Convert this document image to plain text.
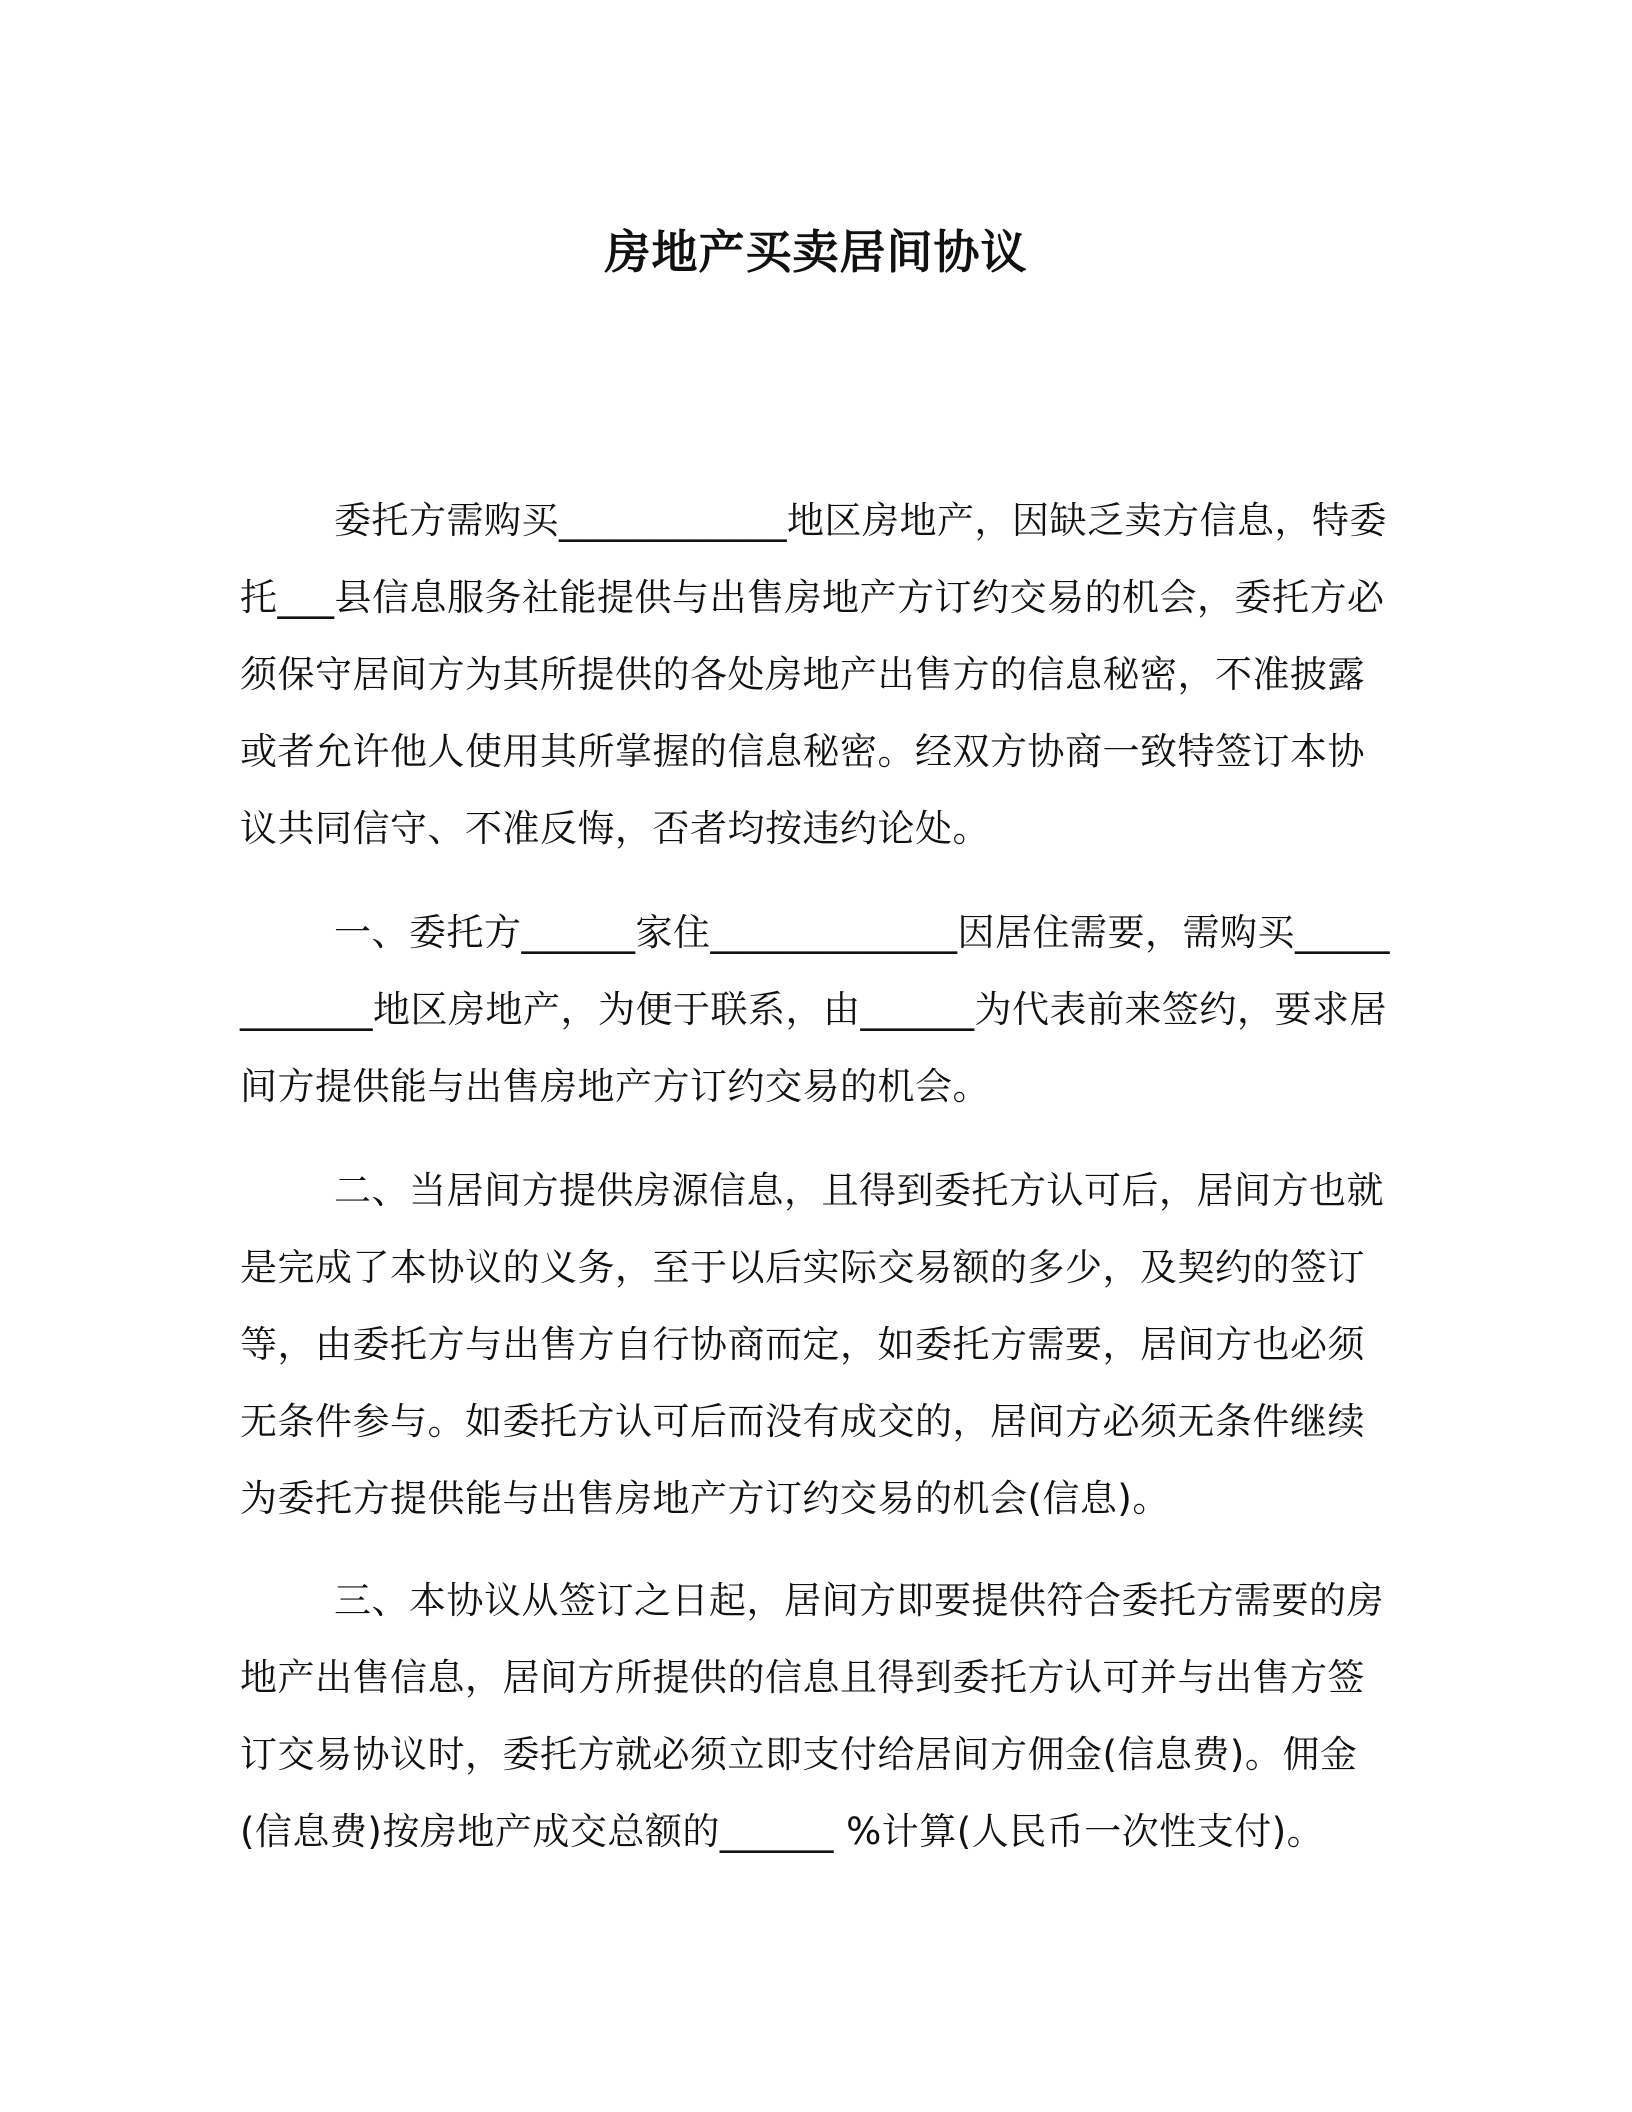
房地产买卖居间协议

委托方需购买____________地区房地产，因缺乏卖方信息，特委托___县信息服务社能提供与出售房地产方订约交易的机会，委托方必须保守居间方为其所提供的各处房地产出售方的信息秘密，不准披露或者允许他人使用其所掌握的信息秘密。经双方协商一致特签订本协议共同信守、不准反悔，否者均按违约论处。

一、委托方______家住_____________因居住需要，需购买____________地区房地产，为便于联系，由______为代表前来签约，要求居间方提供能与出售房地产方订约交易的机会。

二、当居间方提供房源信息，且得到委托方认可后，居间方也就是完成了本协议的义务，至于以后实际交易额的多少，及契约的签订等，由委托方与出售方自行协商而定，如委托方需要，居间方也必须无条件参与。如委托方认可后而没有成交的，居间方必须无条件继续为委托方提供能与出售房地产方订约交易的机会(信息)。

三、本协议从签订之日起，居间方即要提供符合委托方需要的房地产出售信息，居间方所提供的信息且得到委托方认可并与出售方签订交易协议时，委托方就必须立即支付给居间方佣金(信息费)。佣金(信息费)按房地产成交总额的______ %计算(人民币一次性支付)。
